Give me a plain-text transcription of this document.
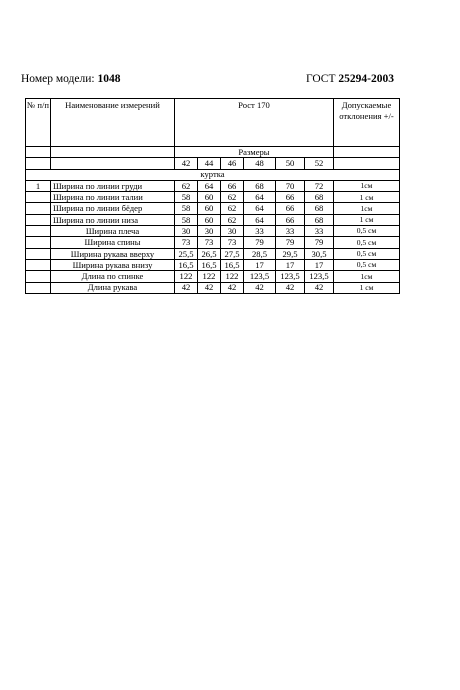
Номер модели: 1048	ГОСТ 25294-2003
№ п/п	Наименование измерений	Рост 170						Допускаемые отклонения +/-
		Размеры						
		42	44	46	48	50	52	
куртка								
1	Ширина по линии груди	62	64	66	68	70	72	1см
	Ширина по линии талии	58	60	62	64	66	68	1 см
	Ширина по линии бёдер	58	60	62	64	66	68	1см
	Ширина по линии низа	58	60	62	64	66	68	1 см
	Ширина плеча	30	30	30	33	33	33	0,5 см
	Ширина спины	73	73	73	79	79	79	0,5 см
	Ширина рукава вверху	25,5	26,5	27,5	28,5	29,5	30,5	0,5 см
	Ширина рукава внизу	16,5	16,5	16,5	17	17	17	0,5 см
	Длина по спинке	122	122	122	123,5	123,5	123,5	1см
	Длина рукава	42	42	42	42	42	42	1 см
